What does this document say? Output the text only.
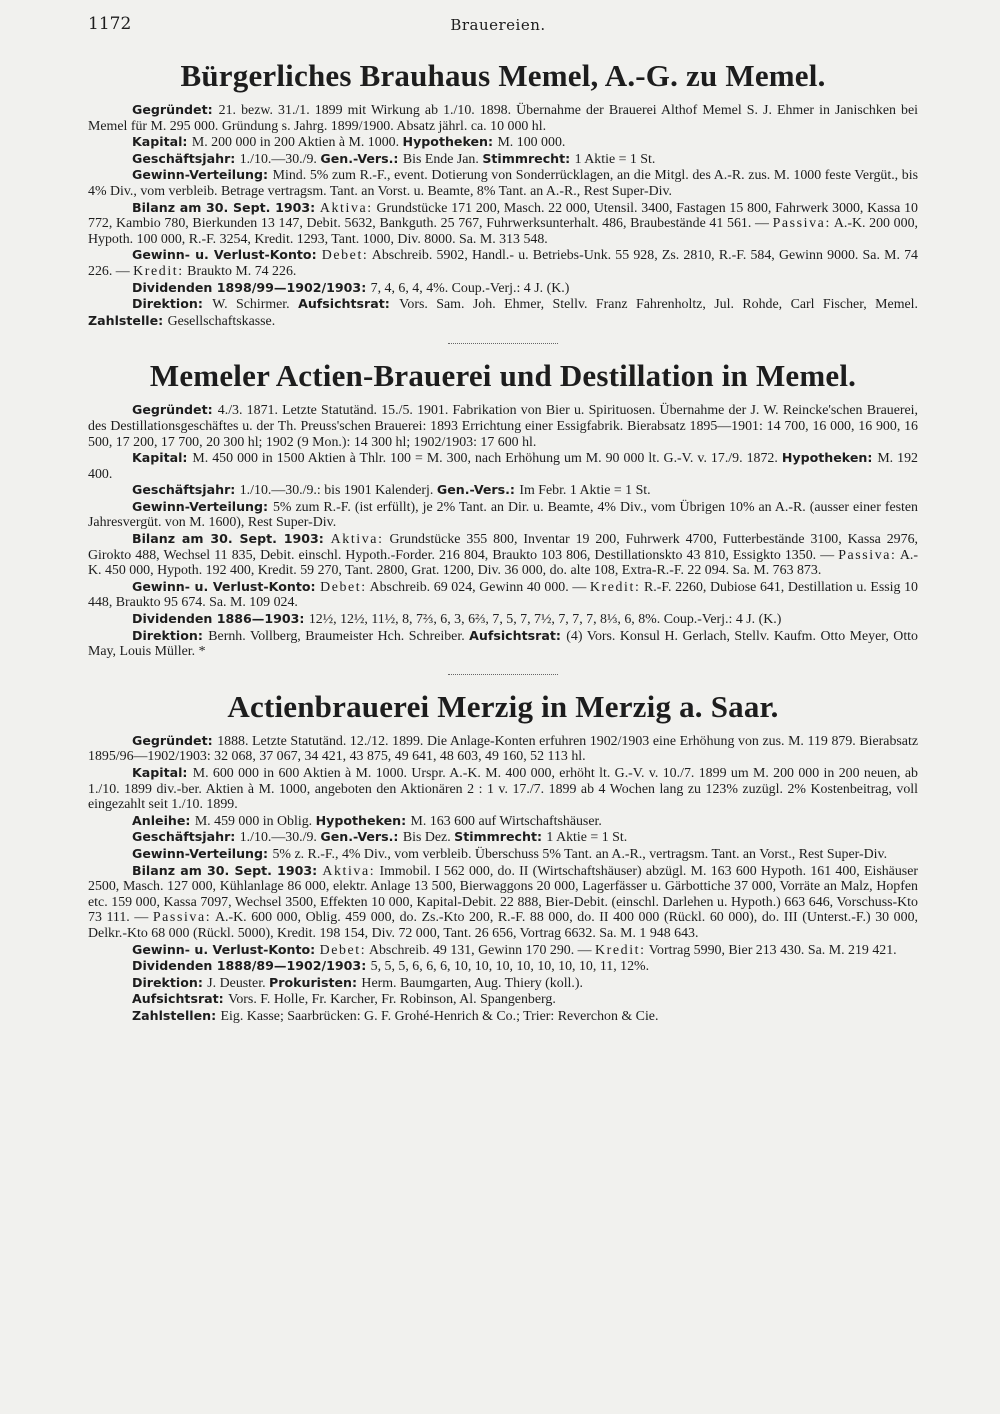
1172	Brauereien.
Bürgerliches Brauhaus Memel, A.-G. zu Memel.

Gegründet: 21. bezw. 31./1. 1899 mit Wirkung ab 1./10. 1898. Übernahme der Brauerei Althof Memel S. J. Ehmer in Janischken bei Memel für M. 295 000. Gründung s. Jahrg. 1899/1900. Absatz jährl. ca. 10 000 hl.

Kapital: M. 200 000 in 200 Aktien à M. 1000. Hypotheken: M. 100 000.

Geschäftsjahr: 1./10.—30./9. Gen.-Vers.: Bis Ende Jan. Stimmrecht: 1 Aktie = 1 St.

Gewinn-Verteilung: Mind. 5% zum R.-F., event. Dotierung von Sonderrücklagen, an die Mitgl. des A.-R. zus. M. 1000 feste Vergüt., bis 4% Div., vom verbleib. Betrage vertragsm. Tant. an Vorst. u. Beamte, 8% Tant. an A.-R., Rest Super-Div.

Bilanz am 30. Sept. 1903: Aktiva: Grundstücke 171 200, Masch. 22 000, Utensil. 3400, Fastagen 15 800, Fahrwerk 3000, Kassa 10 772, Kambio 780, Bierkunden 13 147, Debit. 5632, Bankguth. 25 767, Fuhrwerksunterhalt. 486, Braubestände 41 561. — Passiva: A.-K. 200 000, Hypoth. 100 000, R.-F. 3254, Kredit. 1293, Tant. 1000, Div. 8000. Sa. M. 313 548.

Gewinn- u. Verlust-Konto: Debet: Abschreib. 5902, Handl.- u. Betriebs-Unk. 55 928, Zs. 2810, R.-F. 584, Gewinn 9000. Sa. M. 74 226. — Kredit: Braukto M. 74 226.

Dividenden 1898/99—1902/1903: 7, 4, 6, 4, 4%. Coup.-Verj.: 4 J. (K.)

Direktion: W. Schirmer. Aufsichtsrat: Vors. Sam. Joh. Ehmer, Stellv. Franz Fahrenholtz, Jul. Rohde, Carl Fischer, Memel. Zahlstelle: Gesellschaftskasse.

Memeler Actien-Brauerei und Destillation in Memel.

Gegründet: 4./3. 1871. Letzte Statutänd. 15./5. 1901. Fabrikation von Bier u. Spirituosen. Übernahme der J. W. Reincke'schen Brauerei, des Destillationsgeschäftes u. der Th. Preuss'schen Brauerei: 1893 Errichtung einer Essigfabrik. Bierabsatz 1895—1901: 14 700, 16 000, 16 900, 16 500, 17 200, 17 700, 20 300 hl; 1902 (9 Mon.): 14 300 hl; 1902/1903: 17 600 hl.

Kapital: M. 450 000 in 1500 Aktien à Thlr. 100 = M. 300, nach Erhöhung um M. 90 000 lt. G.-V. v. 17./9. 1872. Hypotheken: M. 192 400.

Geschäftsjahr: 1./10.—30./9.: bis 1901 Kalenderj. Gen.-Vers.: Im Febr. 1 Aktie = 1 St.

Gewinn-Verteilung: 5% zum R.-F. (ist erfüllt), je 2% Tant. an Dir. u. Beamte, 4% Div., vom Übrigen 10% an A.-R. (ausser einer festen Jahresvergüt. von M. 1600), Rest Super-Div.

Bilanz am 30. Sept. 1903: Aktiva: Grundstücke 355 800, Inventar 19 200, Fuhrwerk 4700, Futterbestände 3100, Kassa 2976, Girokto 488, Wechsel 11 835, Debit. einschl. Hypoth.-Forder. 216 804, Braukto 103 806, Destillationskto 43 810, Essigkto 1350. — Passiva: A.-K. 450 000, Hypoth. 192 400, Kredit. 59 270, Tant. 2800, Grat. 1200, Div. 36 000, do. alte 108, Extra-R.-F. 22 094. Sa. M. 763 873.

Gewinn- u. Verlust-Konto: Debet: Abschreib. 69 024, Gewinn 40 000. — Kredit: R.-F. 2260, Dubiose 641, Destillation u. Essig 10 448, Braukto 95 674. Sa. M. 109 024.

Dividenden 1886—1903: 12½, 12½, 11½, 8, 7⅔, 6, 3, 6⅔, 7, 5, 7, 7½, 7, 7, 7, 8⅓, 6, 8%. Coup.-Verj.: 4 J. (K.)

Direktion: Bernh. Vollberg, Braumeister Hch. Schreiber. Aufsichtsrat: (4) Vors. Konsul H. Gerlach, Stellv. Kaufm. Otto Meyer, Otto May, Louis Müller. *

Actienbrauerei Merzig in Merzig a. Saar.

Gegründet: 1888. Letzte Statutänd. 12./12. 1899. Die Anlage-Konten erfuhren 1902/1903 eine Erhöhung von zus. M. 119 879. Bierabsatz 1895/96—1902/1903: 32 068, 37 067, 34 421, 43 875, 49 641, 48 603, 49 160, 52 113 hl.

Kapital: M. 600 000 in 600 Aktien à M. 1000. Urspr. A.-K. M. 400 000, erhöht lt. G.-V. v. 10./7. 1899 um M. 200 000 in 200 neuen, ab 1./10. 1899 div.-ber. Aktien à M. 1000, angeboten den Aktionären 2 : 1 v. 17./7. 1899 ab 4 Wochen lang zu 123% zuzügl. 2% Kostenbeitrag, voll eingezahlt seit 1./10. 1899.

Anleihe: M. 459 000 in Oblig. Hypotheken: M. 163 600 auf Wirtschaftshäuser.

Geschäftsjahr: 1./10.—30./9. Gen.-Vers.: Bis Dez. Stimmrecht: 1 Aktie = 1 St.

Gewinn-Verteilung: 5% z. R.-F., 4% Div., vom verbleib. Überschuss 5% Tant. an A.-R., vertragsm. Tant. an Vorst., Rest Super-Div.

Bilanz am 30. Sept. 1903: Aktiva: Immobil. I 562 000, do. II (Wirtschaftshäuser) abzügl. M. 163 600 Hypoth. 161 400, Eishäuser 2500, Masch. 127 000, Kühlanlage 86 000, elektr. Anlage 13 500, Bierwaggons 20 000, Lagerfässer u. Gärbottiche 37 000, Vorräte an Malz, Hopfen etc. 159 000, Kassa 7097, Wechsel 3500, Effekten 10 000, Kapital-Debit. 22 888, Bier-Debit. (einschl. Darlehen u. Hypoth.) 663 646, Vorschuss-Kto 73 111. — Passiva: A.-K. 600 000, Oblig. 459 000, do. Zs.-Kto 200, R.-F. 88 000, do. II 400 000 (Rückl. 60 000), do. III (Unterst.-F.) 30 000, Delkr.-Kto 68 000 (Rückl. 5000), Kredit. 198 154, Div. 72 000, Tant. 26 656, Vortrag 6632. Sa. M. 1 948 643.

Gewinn- u. Verlust-Konto: Debet: Abschreib. 49 131, Gewinn 170 290. — Kredit: Vortrag 5990, Bier 213 430. Sa. M. 219 421.

Dividenden 1888/89—1902/1903: 5, 5, 5, 6, 6, 6, 10, 10, 10, 10, 10, 10, 10, 11, 12%.

Direktion: J. Deuster. Prokuristen: Herm. Baumgarten, Aug. Thiery (koll.).

Aufsichtsrat: Vors. F. Holle, Fr. Karcher, Fr. Robinson, Al. Spangenberg.

Zahlstellen: Eig. Kasse; Saarbrücken: G. F. Grohé-Henrich & Co.; Trier: Reverchon & Cie.
